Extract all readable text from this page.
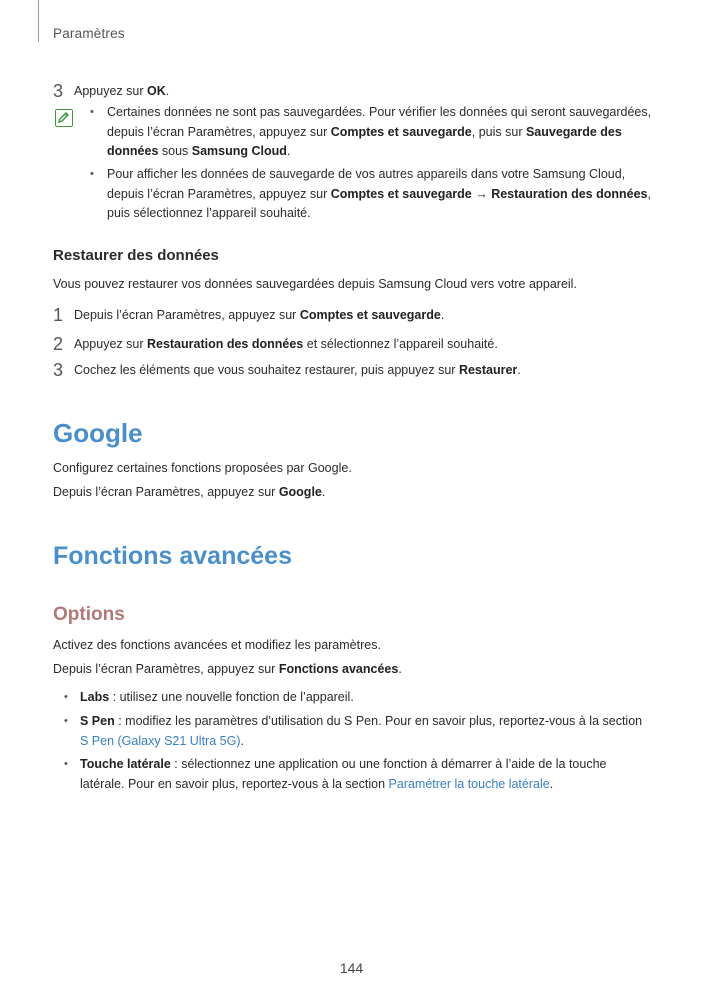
Paramètres
3 Appuyez sur OK.
• Certaines données ne sont pas sauvegardées. Pour vérifier les données qui seront sauvegardées, depuis l’écran Paramètres, appuyez sur Comptes et sauvegarde, puis sur Sauvegarde des données sous Samsung Cloud.
• Pour afficher les données de sauvegarde de vos autres appareils dans votre Samsung Cloud, depuis l’écran Paramètres, appuyez sur Comptes et sauvegarde → Restauration des données, puis sélectionnez l’appareil souhaité.
Restaurer des données
Vous pouvez restaurer vos données sauvegardées depuis Samsung Cloud vers votre appareil.
1 Depuis l’écran Paramètres, appuyez sur Comptes et sauvegarde.
2 Appuyez sur Restauration des données et sélectionnez l’appareil souhaité.
3 Cochez les éléments que vous souhaitez restaurer, puis appuyez sur Restaurer.
Google
Configurez certaines fonctions proposées par Google.
Depuis l’écran Paramètres, appuyez sur Google.
Fonctions avancées
Options
Activez des fonctions avancées et modifiez les paramètres.
Depuis l’écran Paramètres, appuyez sur Fonctions avancées.
• Labs : utilisez une nouvelle fonction de l’appareil.
• S Pen : modifiez les paramètres d’utilisation du S Pen. Pour en savoir plus, reportez-vous à la section S Pen (Galaxy S21 Ultra 5G).
• Touche latérale : sélectionnez une application ou une fonction à démarrer à l’aide de la touche latérale. Pour en savoir plus, reportez-vous à la section Paramétrer la touche latérale.
144
